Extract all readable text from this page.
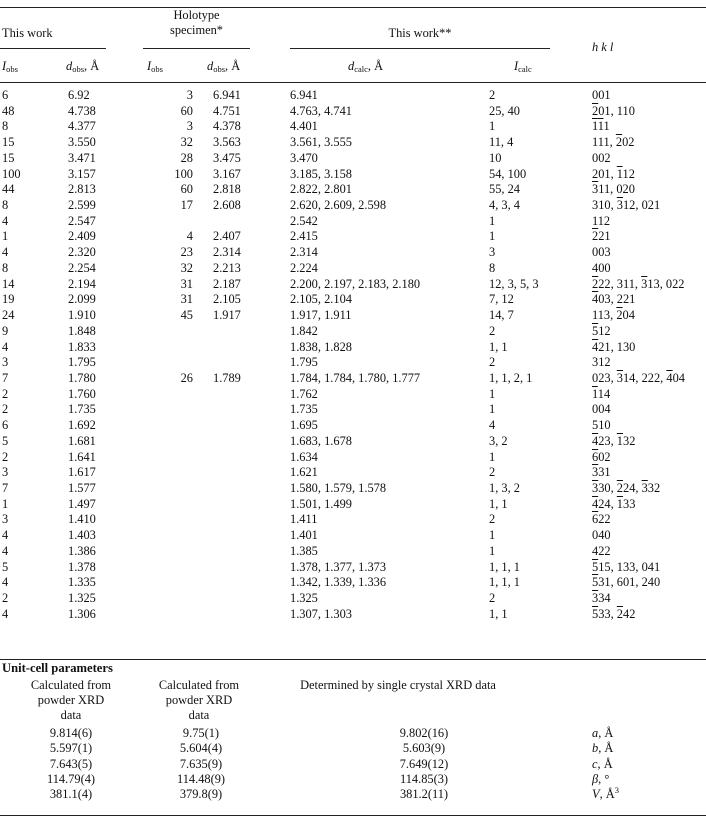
This work
Holotype
specimen*	This work**
h k l
$I_{obs}$	$d_{obs}$, Å	$I_{obs}$	$d_{obs}$, Å	$d_{calc}$, Å	$I_{calc}$
6	6.92	3	6.941	6.941	2	001
48	4.738	60	4.751	4.763, 4.741	25, 40	201, 110
8	4.377	3	4.378	4.401	1	111
15	3.550	32	3.563	3.561, 3.555	11, 4	111, 202
15	3.471	28	3.475	3.470	10	002
100	3.157	100	3.167	3.185, 3.158	54, 100	201, 112
44	2.813	60	2.818	2.822, 2.801	55, 24	311, 020
8	2.599	17	2.608	2.620, 2.609, 2.598	4, 3, 4	310, 312, 021
4	2.547			2.542	1	112
1	2.409	4	2.407	2.415	1	221
4	2.320	23	2.314	2.314	3	003
8	2.254	32	2.213	2.224	8	400
14	2.194	31	2.187	2.200, 2.197, 2.183, 2.180	12, 3, 5, 3	222, 311, 313, 022
19	2.099	31	2.105	2.105, 2.104	7, 12	403, 221
24	1.910	45	1.917	1.917, 1.911	14, 7	113, 204
9	1.848			1.842	2	512
4	1.833			1.838, 1.828	1, 1	421, 130
3	1.795			1.795	2	312
7	1.780	26	1.789	1.784, 1.784, 1.780, 1.777	1, 1, 2, 1	023, 314, 222, 404
2	1.760			1.762	1	114
2	1.735			1.735	1	004
6	1.692			1.695	4	510
5	1.681			1.683, 1.678	3, 2	423, 132
2	1.641			1.634	1	602
3	1.617			1.621	2	331
7	1.577			1.580, 1.579, 1.578	1, 3, 2	330, 224, 332
1	1.497			1.501, 1.499	1, 1	424, 133
3	1.410			1.411	2	622
4	1.403			1.401	1	040
4	1.386			1.385	1	422
5	1.378			1.378, 1.377, 1.373	1, 1, 1	515, 133, 041
4	1.335			1.342, 1.339, 1.336	1, 1, 1	531, 601, 240
2	1.325			1.325	2	334
4	1.306			1.307, 1.303	1, 1	533, 242
Unit-cell parameters
Calculated from
powder XRD
data
Calculated from
powder XRD
data
Determined by single crystal XRD data
9.814(6)	9.75(1)	9.802(16)	a, Å
5.597(1)	5.604(4)	5.603(9)	b, Å
7.643(5)	7.635(9)	7.649(12)	c, Å
114.79(4)	114.48(9)	114.85(3)	β, °
381.1(4)	379.8(9)	381.2(11)	V, $Å^3$
